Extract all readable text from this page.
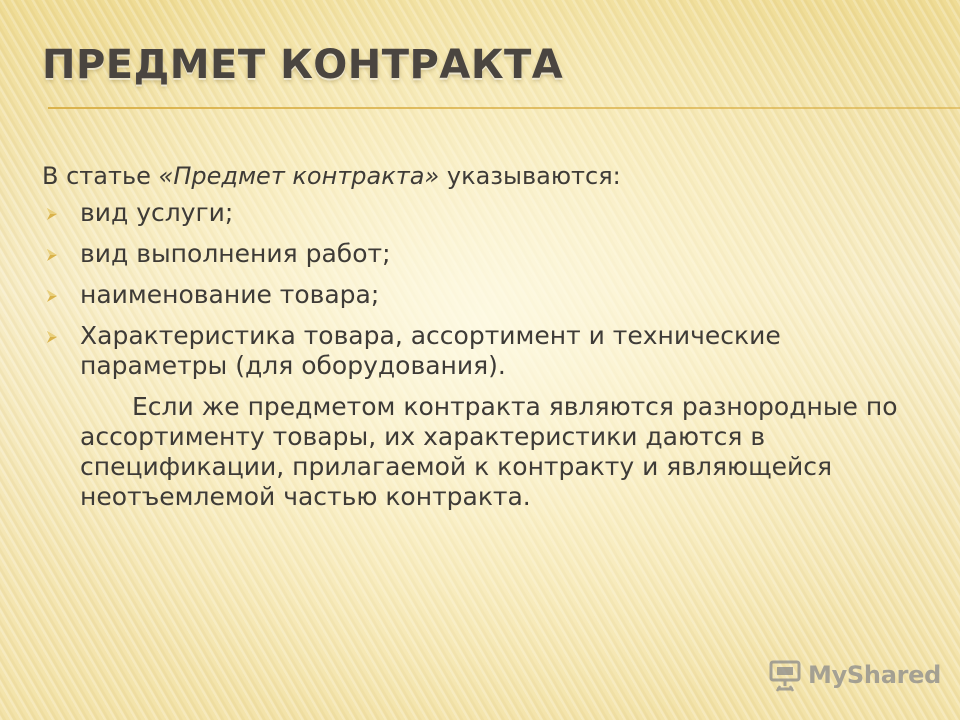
ПРЕДМЕТ КОНТРАКТА

В статье «Предмет контракта» указываются:

вид услуги;
вид выполнения работ;
наименование товара;
Характеристика товара, ассортимент и технические параметры (для оборудования).

Если же предметом контракта являются разнородные по ассортименту товары, их характеристики даются в спецификации, прилагаемой к контракту и являющейся неотъемлемой частью контракта.

MyShared
